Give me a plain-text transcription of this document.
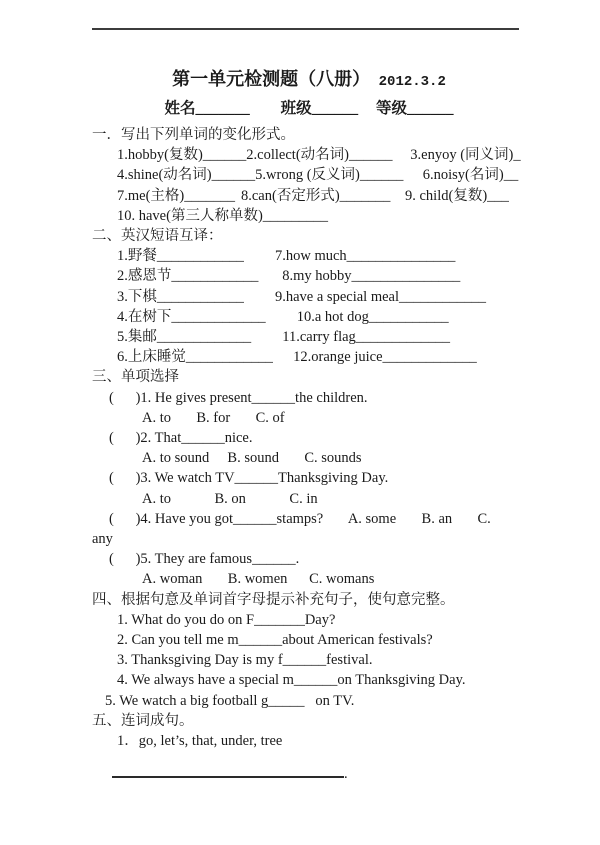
第一单元检测题（八册） 2012.3.2
姓名_______ 班级______ 等级______
一．写出下列单词的变化形式。
1.hobby(复数)______ 2.collect(动名词)______	3.enyoy (同义词)_
4.shine(动名词)______ 5.wrong (反义词)______	6.noisy(名词)__
7.me(主格)_______ 8.can(否定形式)_______	9. child(复数)___
10. have(第三人称单数)_________
二、英汉短语互译：
1.野餐____________	7.how much_______________
2.感恩节____________	8.my hobby_______________
3.下棋____________	9.have a special meal____________
4.在树下_____________ 10.a hot dog___________
5.集邮_____________	11.carry flag_____________
6.上床睡觉____________ 12.orange juice_____________
三、单项选择
(      )1. He gives present______the children.
A. to       B. for       C. of
(      )2. That______nice.
A. to sound     B. sound       C. sounds
(      )3. We watch TV______Thanksgiving Day.
A. to            B. on            C. in
(      )4. Have you got______stamps?       A. some       B. an       C.
any
(      )5. They are famous______.
A. woman       B. women      C. womans
四、根据句意及单词首字母提示补充句子，使句意完整。
1. What do you do on F_______Day?
2. Can you tell me m______about American festivals?
3. Thanksgiving Day is my f______festival.
4. We always have a special m______on Thanksgiving Day.
5. We watch a big football g_____   on TV.
五、连词成句。
1．go, let’s, that, under, tree
.
